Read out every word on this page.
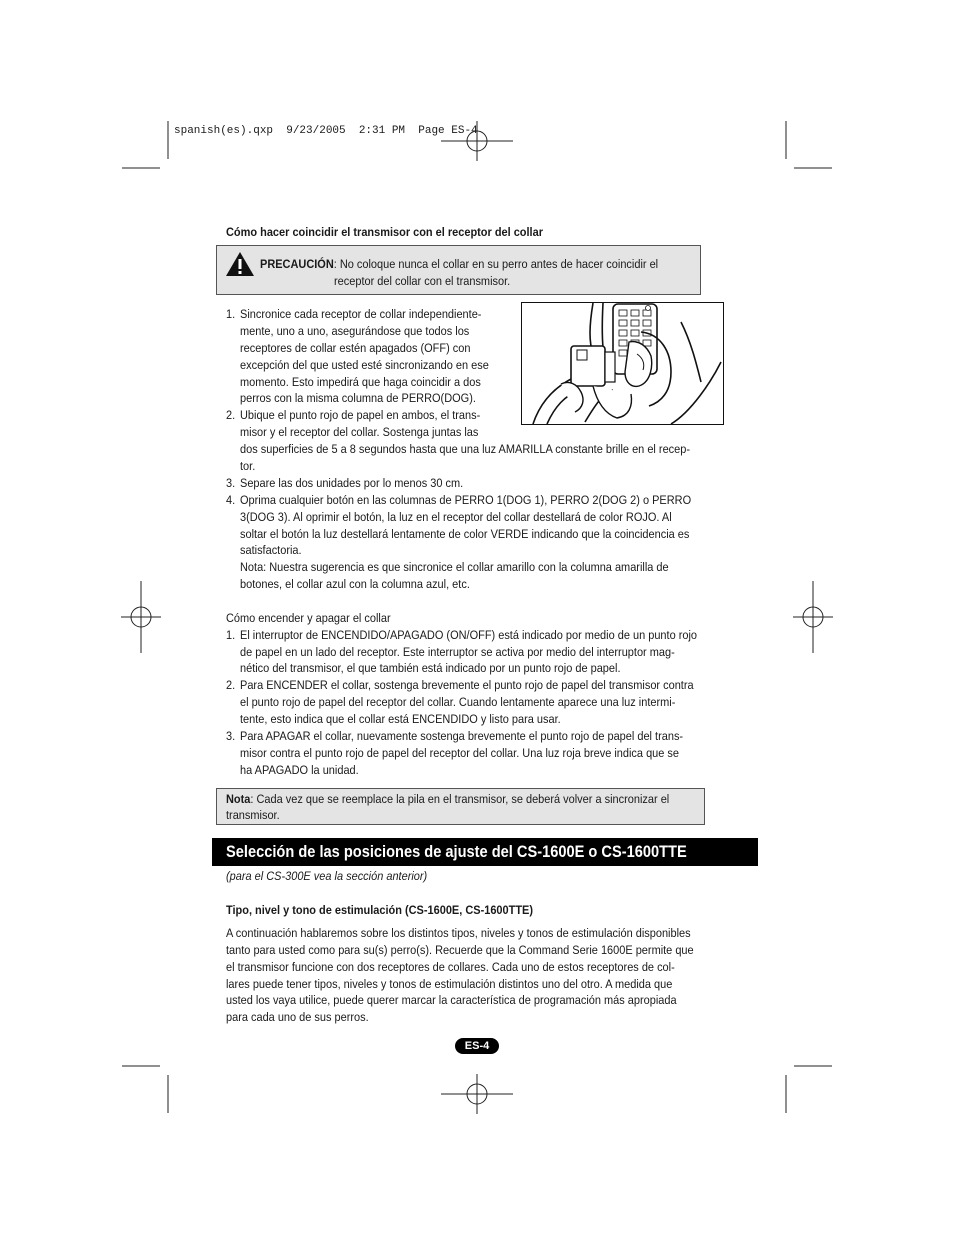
spanish(es).qxp  9/23/2005  2:31 PM  Page ES-4
Cómo hacer coincidir el transmisor con el receptor del collar
PRECAUCIÓN: No coloque nunca el collar en su perro antes de hacer coincidir el
receptor del collar con el transmisor.
1. Sincronice cada receptor de collar independiente-
mente, uno a uno, asegurándose que todos los
receptores de collar estén apagados (OFF) con
excepción del que usted esté sincronizando en ese
momento. Esto impedirá que haga coincidir a dos
perros con la misma columna de PERRO(DOG).
2. Ubique el punto rojo de papel en ambos, el trans-
misor y el receptor del collar. Sostenga juntas las
dos superficies de 5 a 8 segundos hasta que una luz AMARILLA constante brille en el recep-
tor.
3. Separe las dos unidades por lo menos 30 cm.
4. Oprima cualquier botón en las columnas de PERRO 1(DOG 1), PERRO 2(DOG 2) o PERRO
3(DOG 3). Al oprimir el botón, la luz en el receptor del collar destellará de color ROJO. Al
soltar el botón la luz destellará lentamente de color VERDE indicando que la coincidencia es
satisfactoria.
Nota: Nuestra sugerencia es que sincronice el collar amarillo con la columna amarilla de
botones, el collar azul con la columna azul, etc.
Cómo encender y apagar el collar
1. El interruptor de ENCENDIDO/APAGADO (ON/OFF) está indicado por medio de un punto rojo
de papel en un lado del receptor. Este interruptor se activa por medio del interruptor mag-
nético del transmisor, el que también está indicado por un punto rojo de papel.
2. Para ENCENDER el collar, sostenga brevemente el punto rojo de papel del transmisor contra
el punto rojo de papel del receptor del collar. Cuando lentamente aparece una luz intermi-
tente, esto indica que el collar está ENCENDIDO y listo para usar.
3. Para APAGAR el collar, nuevamente sostenga brevemente el punto rojo de papel del trans-
misor contra el punto rojo de papel del receptor del collar. Una luz roja breve indica que se
ha APAGADO la unidad.
Nota: Cada vez que se reemplace la pila en el transmisor, se deberá volver a sincronizar el
transmisor.
Selección de las posiciones de ajuste del CS-1600E o CS-1600TTE
(para el CS-300E vea la sección anterior)
Tipo, nivel y tono de estimulación (CS-1600E, CS-1600TTE)
A continuación hablaremos sobre los distintos tipos, niveles y tonos de estimulación disponibles
tanto para usted como para su(s) perro(s). Recuerde que la Command Serie 1600E permite que
el transmisor funcione con dos receptores de collares. Cada uno de estos receptores de col-
lares puede tener tipos, niveles y tonos de estimulación distintos uno del otro. A medida que
usted los vaya utilice, puede querer marcar la característica de programación más apropiada
para cada uno de sus perros.
ES-4
